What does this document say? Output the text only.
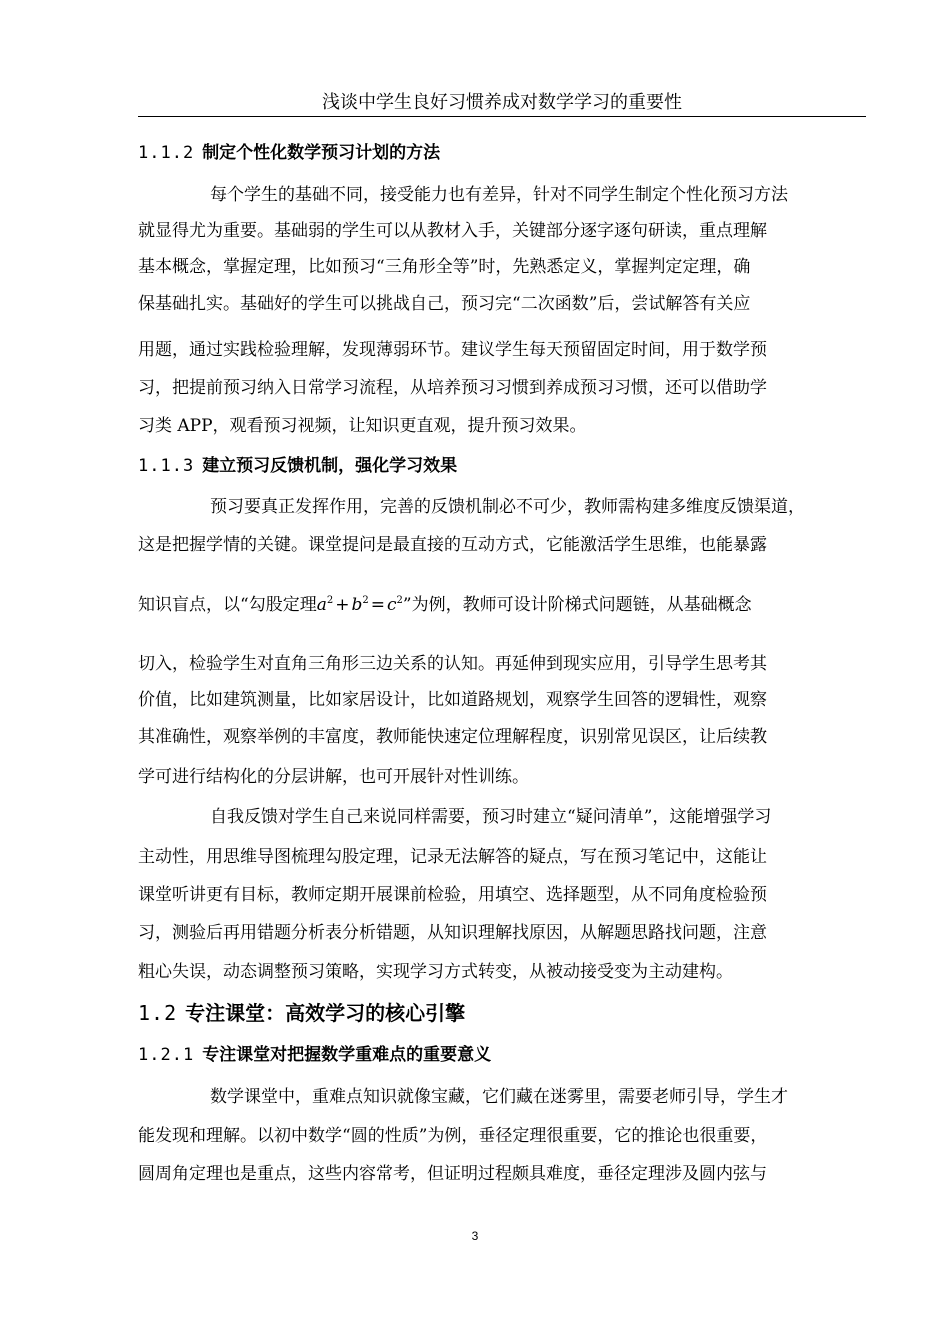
浅谈中学生良好习惯养成对数学学习的重要性
1.1.2 制定个性化数学预习计划的方法
每个学生的基础不同，接受能力也有差异，针对不同学生制定个性化预习方法
就显得尤为重要。基础弱的学生可以从教材入手，关键部分逐字逐句研读，重点理解
基本概念，掌握定理，比如预习“三角形全等”时，先熟悉定义，掌握判定定理，确
保基础扎实。基础好的学生可以挑战自己，预习完“二次函数”后，尝试解答有关应
用题，通过实践检验理解，发现薄弱环节。建议学生每天预留固定时间，用于数学预
习，把提前预习纳入日常学习流程，从培养预习习惯到养成预习习惯，还可以借助学
习类 APP，观看预习视频，让知识更直观，提升预习效果。
1.1.3 建立预习反馈机制，强化学习效果
预习要真正发挥作用，完善的反馈机制必不可少，教师需构建多维度反馈渠道，
这是把握学情的关键。课堂提问是最直接的互动方式，它能激活学生思维，也能暴露
知识盲点，以“勾股定理$a^2 + b^2 = c^2$”为例，教师可设计阶梯式问题链，从基础概念
切入，检验学生对直角三角形三边关系的认知。再延伸到现实应用，引导学生思考其
价值，比如建筑测量，比如家居设计，比如道路规划，观察学生回答的逻辑性，观察
其准确性，观察举例的丰富度，教师能快速定位理解程度，识别常见误区，让后续教
学可进行结构化的分层讲解，也可开展针对性训练。
自我反馈对学生自己来说同样需要，预习时建立“疑问清单”，这能增强学习
主动性，用思维导图梳理勾股定理，记录无法解答的疑点，写在预习笔记中，这能让
课堂听讲更有目标，教师定期开展课前检验，用填空、选择题型，从不同角度检验预
习，测验后再用错题分析表分析错题，从知识理解找原因，从解题思路找问题，注意
粗心失误，动态调整预习策略，实现学习方式转变，从被动接受变为主动建构。
1.2 专注课堂：高效学习的核心引擎
1.2.1 专注课堂对把握数学重难点的重要意义
数学课堂中，重难点知识就像宝藏，它们藏在迷雾里，需要老师引导，学生才
能发现和理解。以初中数学“圆的性质”为例，垂径定理很重要，它的推论也很重要，
圆周角定理也是重点，这些内容常考，但证明过程颇具难度，垂径定理涉及圆内弦与
3
